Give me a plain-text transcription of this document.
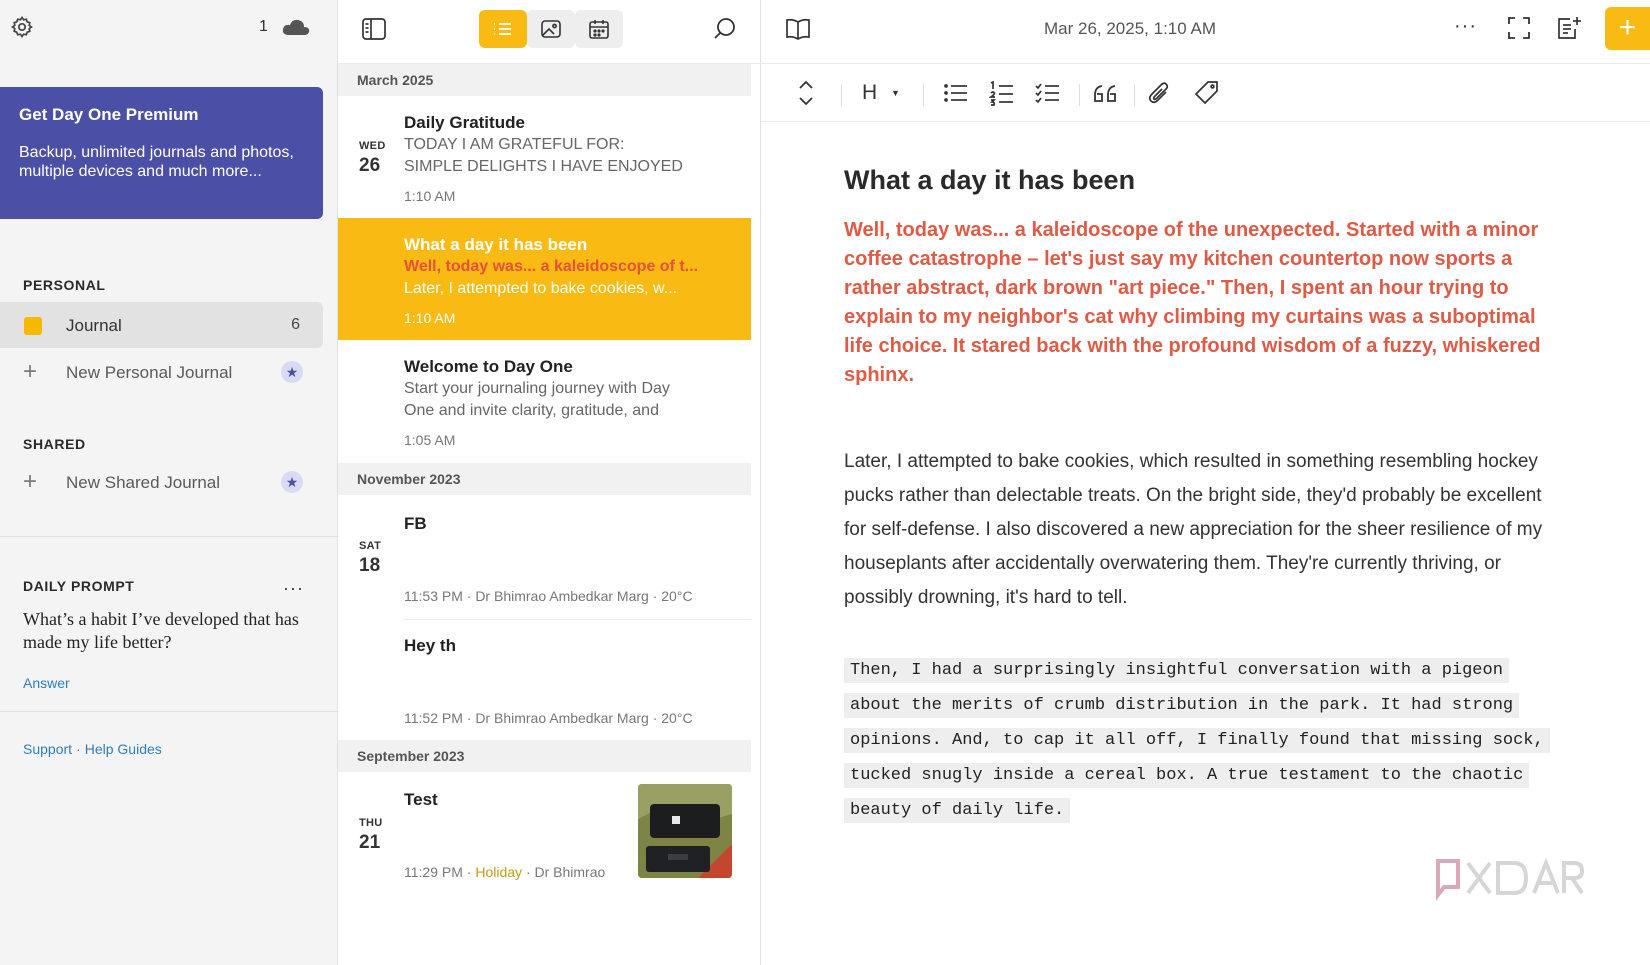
1
Get Day One Premium
Backup, unlimited journals and photos, multiple devices and much more...
PERSONAL
Journal	6
+ New Personal Journal	★
SHARED
+ New Shared Journal	★
DAILY PROMPT	···
What’s a habit I’ve developed that has made my life better?
Answer
Support · Help Guides
March 2025
WED
26
Daily Gratitude
TODAY I AM GRATEFUL FOR:
SIMPLE DELIGHTS I HAVE ENJOYED
1:10 AM
What a day it has been
Well, today was... a kaleidoscope of t...
Later, I attempted to bake cookies, w...
1:10 AM
Welcome to Day One
Start your journaling journey with Day
One and invite clarity, gratitude, and
1:05 AM
November 2023
SAT
18
FB
11:53 PM · Dr Bhimrao Ambedkar Marg · 20°C
Hey th
11:52 PM · Dr Bhimrao Ambedkar Marg · 20°C
September 2023
THU
21
Test
11:29 PM · Holiday · Dr Bhimrao
Mar 26, 2025, 1:10 AM	···	+
H ▼
What a day it has been
Well, today was... a kaleidoscope of the unexpected. Started with a minor coffee catastrophe – let's just say my kitchen countertop now sports a rather abstract, dark brown "art piece." Then, I spent an hour trying to explain to my neighbor's cat why climbing my curtains was a suboptimal life choice. It stared back with the profound wisdom of a fuzzy, whiskered sphinx.
Later, I attempted to bake cookies, which resulted in something resembling hockey pucks rather than delectable treats. On the bright side, they'd probably be excellent for self-defense. I also discovered a new appreciation for the sheer resilience of my houseplants after accidentally overwatering them. They're currently thriving, or possibly drowning, it's hard to tell.
Then, I had a surprisingly insightful conversation with a pigeon about the merits of crumb distribution in the park. It had strong opinions. And, to cap it all off, I finally found that missing sock, tucked snugly inside a cereal box. A true testament to the chaotic beauty of daily life.
